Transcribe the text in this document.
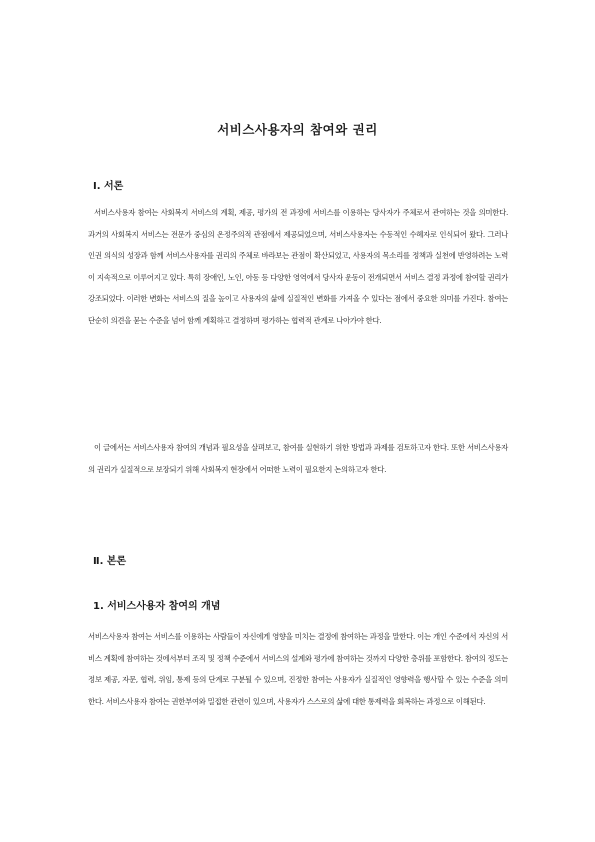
서비스사용자의 참여와 권리
Ⅰ. 서론
서비스사용자 참여는 사회복지 서비스의 계획, 제공, 평가의 전 과정에 서비스를 이용하는 당사자가 주체로서 관여하는 것을 의미한다. 과거의 사회복지 서비스는 전문가 중심의 온정주의적 관점에서 제공되었으며, 서비스사용자는 수동적인 수혜자로 인식되어 왔다. 그러나 인권 의식의 성장과 함께 서비스사용자를 권리의 주체로 바라보는 관점이 확산되었고, 사용자의 목소리를 정책과 실천에 반영하려는 노력이 지속적으로 이루어지고 있다. 특히 장애인, 노인, 아동 등 다양한 영역에서 당사자 운동이 전개되면서 서비스 결정 과정에 참여할 권리가 강조되었다. 이러한 변화는 서비스의 질을 높이고 사용자의 삶에 실질적인 변화를 가져올 수 있다는 점에서 중요한 의미를 가진다. 참여는 단순히 의견을 묻는 수준을 넘어 함께 계획하고 결정하며 평가하는 협력적 관계로 나아가야 한다.
이 글에서는 서비스사용자 참여의 개념과 필요성을 살펴보고, 참여를 실현하기 위한 방법과 과제를 검토하고자 한다. 또한 서비스사용자의 권리가 실질적으로 보장되기 위해 사회복지 현장에서 어떠한 노력이 필요한지 논의하고자 한다.
Ⅱ. 본론
1. 서비스사용자 참여의 개념
서비스사용자 참여는 서비스를 이용하는 사람들이 자신에게 영향을 미치는 결정에 참여하는 과정을 말한다. 이는 개인 수준에서 자신의 서비스 계획에 참여하는 것에서부터 조직 및 정책 수준에서 서비스의 설계와 평가에 참여하는 것까지 다양한 층위를 포함한다. 참여의 정도는 정보 제공, 자문, 협력, 위임, 통제 등의 단계로 구분될 수 있으며, 진정한 참여는 사용자가 실질적인 영향력을 행사할 수 있는 수준을 의미한다. 서비스사용자 참여는 권한부여와 밀접한 관련이 있으며, 사용자가 스스로의 삶에 대한 통제력을 회복하는 과정으로 이해된다.
